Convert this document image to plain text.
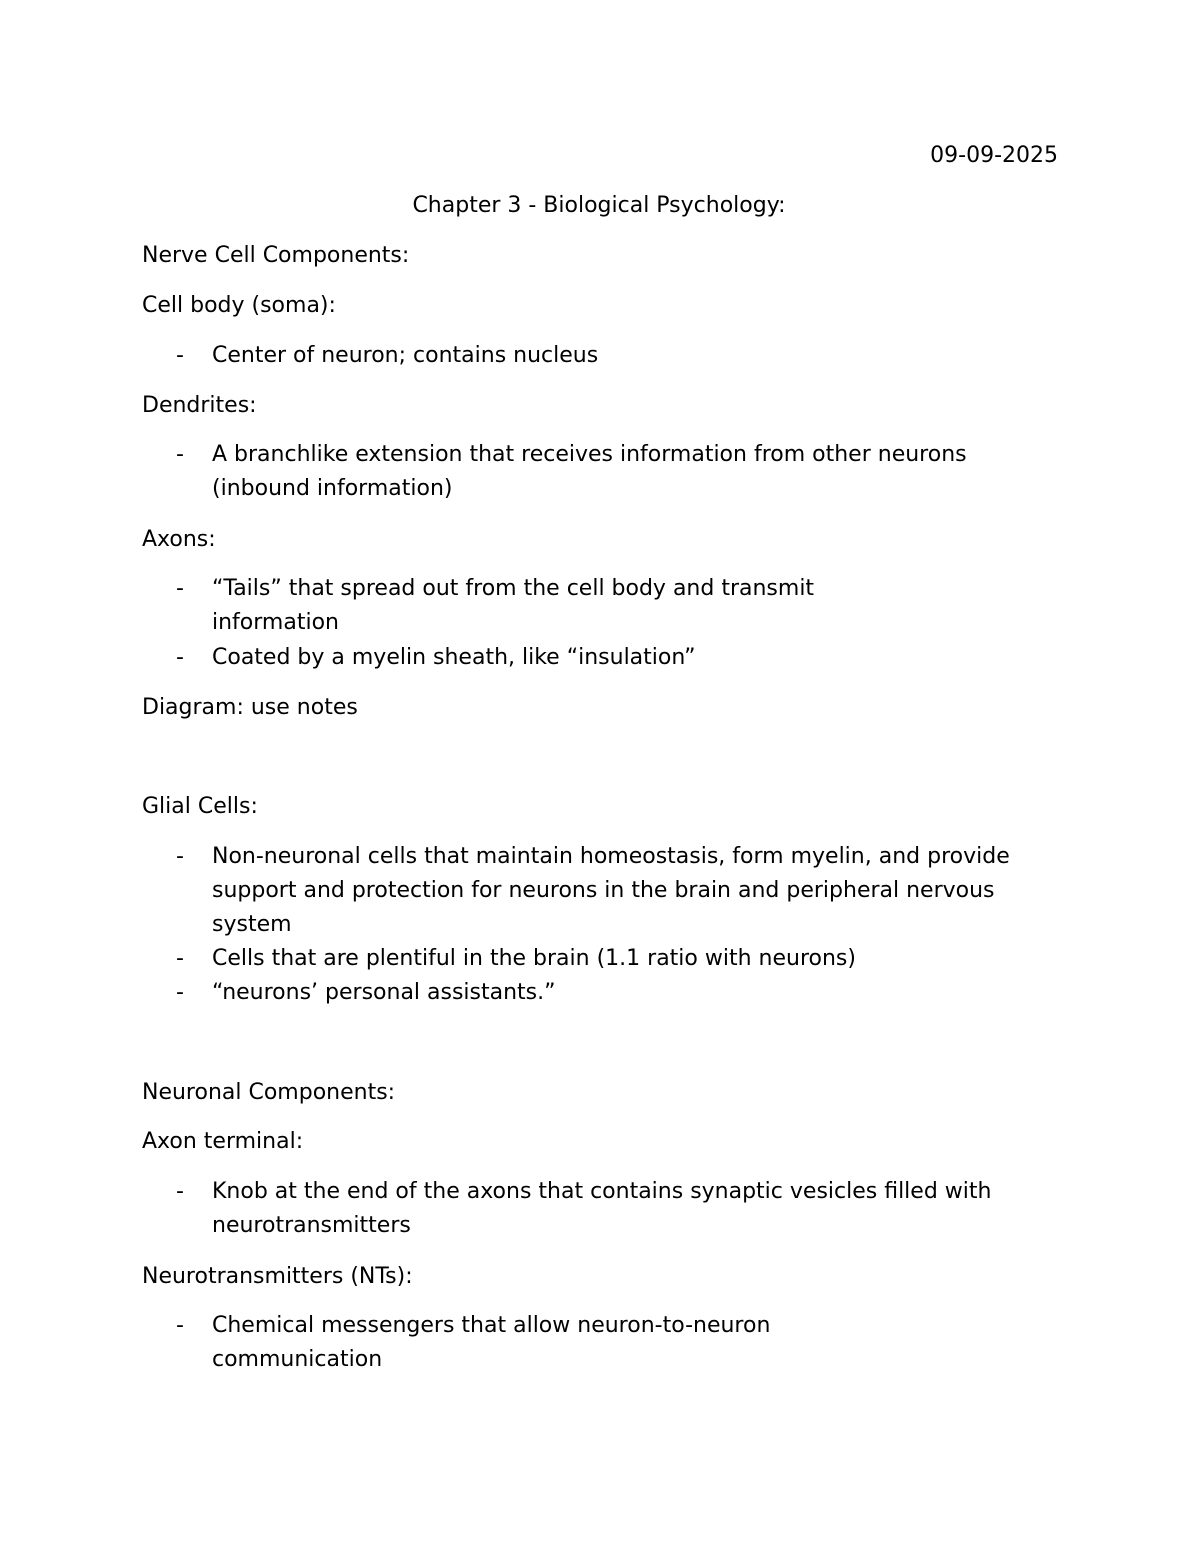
09-09-2025
Chapter 3 - Biological Psychology:
Nerve Cell Components:
Cell body (soma):
- Center of neuron; contains nucleus
Dendrites:
- A branchlike extension that receives information from other neurons (inbound information)
Axons:
- “Tails” that spread out from the cell body and transmit information
- Coated by a myelin sheath, like “insulation”
Diagram: use notes
Glial Cells:
- Non-neuronal cells that maintain homeostasis, form myelin, and provide support and protection for neurons in the brain and peripheral nervous system
- Cells that are plentiful in the brain (1.1 ratio with neurons)
- “neurons’ personal assistants.”
Neuronal Components:
Axon terminal:
- Knob at the end of the axons that contains synaptic vesicles filled with neurotransmitters
Neurotransmitters (NTs):
- Chemical messengers that allow neuron-to-neuron communication
